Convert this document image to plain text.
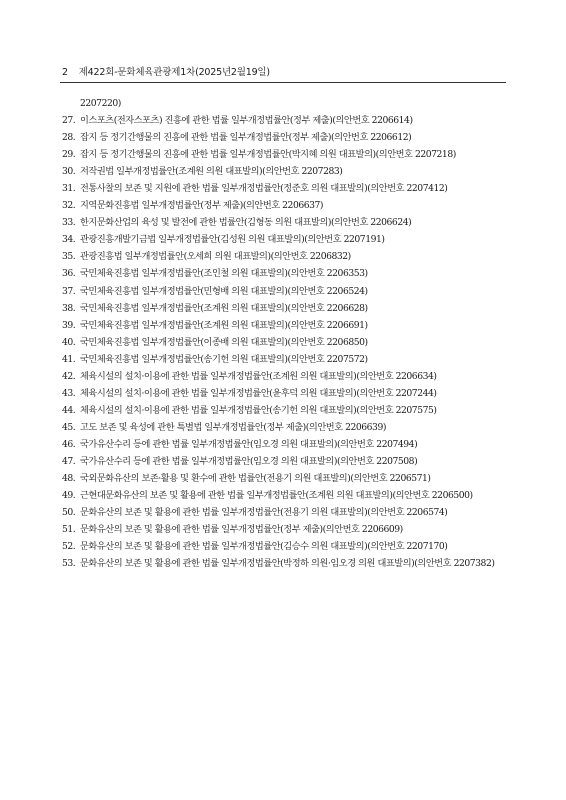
2 제422회-문화체육관광제1차(2025년2월19일)
2207220)
27. 이스포츠(전자스포츠) 진흥에 관한 법률 일부개정법률안(정부 제출)(의안번호 2206614)
28. 잡지 등 정기간행물의 진흥에 관한 법률 일부개정법률안(정부 제출)(의안번호 2206612)
29. 잡지 등 정기간행물의 진흥에 관한 법률 일부개정법률안(박지혜 의원 대표발의)(의안번호 2207218)
30. 저작권법 일부개정법률안(조계원 의원 대표발의)(의안번호 2207283)
31. 전통사찰의 보존 및 지원에 관한 법률 일부개정법률안(정준호 의원 대표발의)(의안번호 2207412)
32. 지역문화진흥법 일부개정법률안(정부 제출)(의안번호 2206637)
33. 한지문화산업의 육성 및 발전에 관한 법률안(김형동 의원 대표발의)(의안번호 2206624)
34. 관광진흥개발기금법 일부개정법률안(김성원 의원 대표발의)(의안번호 2207191)
35. 관광진흥법 일부개정법률안(오세희 의원 대표발의)(의안번호 2206832)
36. 국민체육진흥법 일부개정법률안(조인철 의원 대표발의)(의안번호 2206353)
37. 국민체육진흥법 일부개정법률안(민형배 의원 대표발의)(의안번호 2206524)
38. 국민체육진흥법 일부개정법률안(조계원 의원 대표발의)(의안번호 2206628)
39. 국민체육진흥법 일부개정법률안(조계원 의원 대표발의)(의안번호 2206691)
40. 국민체육진흥법 일부개정법률안(이종배 의원 대표발의)(의안번호 2206850)
41. 국민체육진흥법 일부개정법률안(송기헌 의원 대표발의)(의안번호 2207572)
42. 체육시설의 설치·이용에 관한 법률 일부개정법률안(조계원 의원 대표발의)(의안번호 2206634)
43. 체육시설의 설치·이용에 관한 법률 일부개정법률안(윤후덕 의원 대표발의)(의안번호 2207244)
44. 체육시설의 설치·이용에 관한 법률 일부개정법률안(송기헌 의원 대표발의)(의안번호 2207575)
45. 고도 보존 및 육성에 관한 특별법 일부개정법률안(정부 제출)(의안번호 2206639)
46. 국가유산수리 등에 관한 법률 일부개정법률안(임오경 의원 대표발의)(의안번호 2207494)
47. 국가유산수리 등에 관한 법률 일부개정법률안(임오경 의원 대표발의)(의안번호 2207508)
48. 국외문화유산의 보존·활용 및 환수에 관한 법률안(전용기 의원 대표발의)(의안번호 2206571)
49. 근현대문화유산의 보존 및 활용에 관한 법률 일부개정법률안(조계원 의원 대표발의)(의안번호 2206500)
50. 문화유산의 보존 및 활용에 관한 법률 일부개정법률안(전용기 의원 대표발의)(의안번호 2206574)
51. 문화유산의 보존 및 활용에 관한 법률 일부개정법률안(정부 제출)(의안번호 2206609)
52. 문화유산의 보존 및 활용에 관한 법률 일부개정법률안(김승수 의원 대표발의)(의안번호 2207170)
53. 문화유산의 보존 및 활용에 관한 법률 일부개정법률안(박정하 의원·임오경 의원 대표발의)(의안번호 2207382)
